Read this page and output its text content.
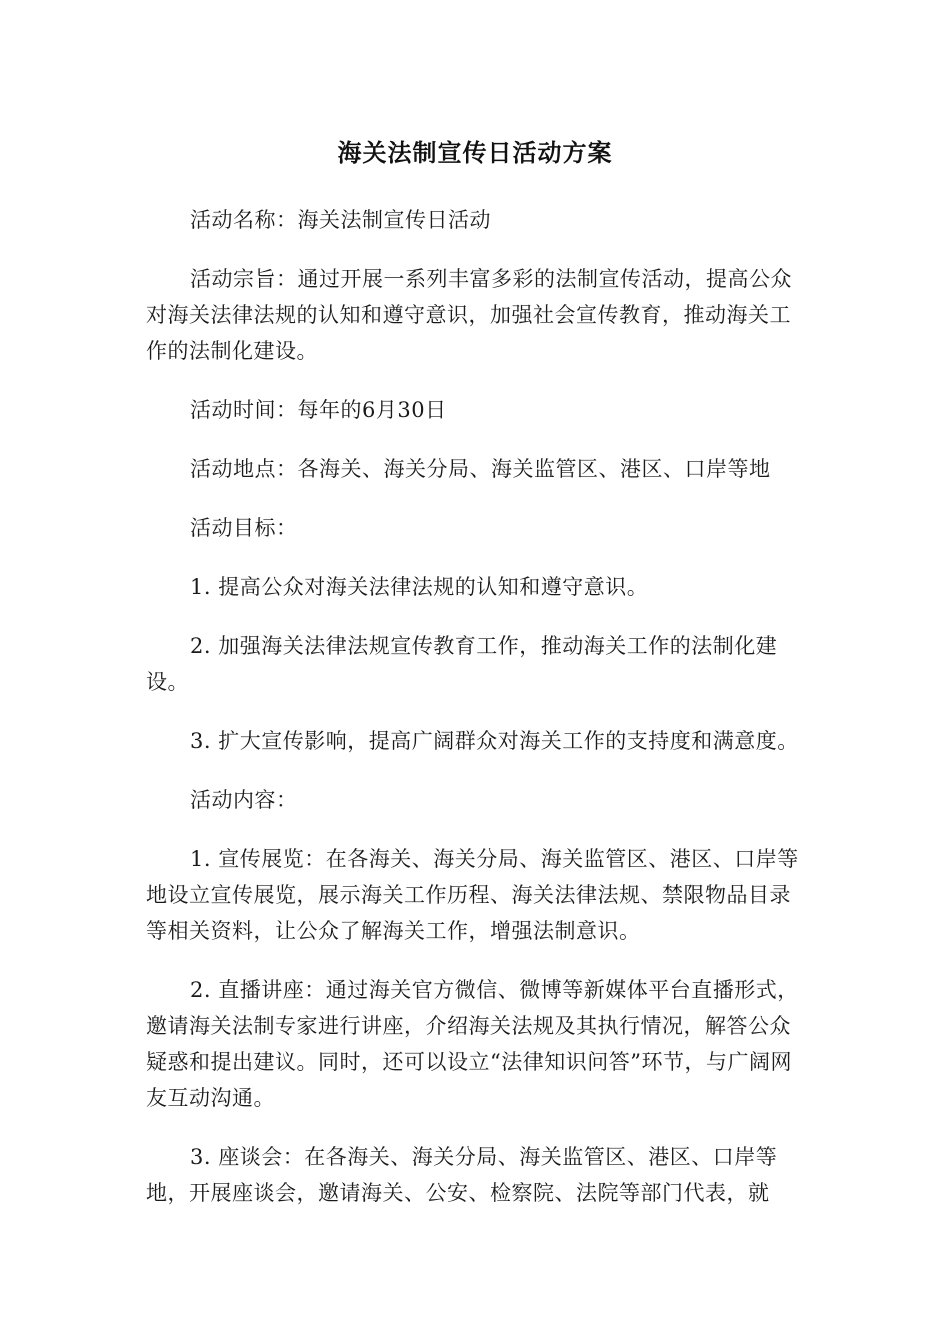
海关法制宣传日活动方案

活动名称：海关法制宣传日活动

活动宗旨：通过开展一系列丰富多彩的法制宣传活动，提高公众对海关法律法规的认知和遵守意识，加强社会宣传教育，推动海关工作的法制化建设。

活动时间：每年的6月30日

活动地点：各海关、海关分局、海关监管区、港区、口岸等地

活动目标：

1. 提高公众对海关法律法规的认知和遵守意识。

2. 加强海关法律法规宣传教育工作，推动海关工作的法制化建设。

3. 扩大宣传影响，提高广阔群众对海关工作的支持度和满意度。

活动内容：

1. 宣传展览：在各海关、海关分局、海关监管区、港区、口岸等地设立宣传展览，展示海关工作历程、海关法律法规、禁限物品目录等相关资料，让公众了解海关工作，增强法制意识。

2. 直播讲座：通过海关官方微信、微博等新媒体平台直播形式，邀请海关法制专家进行讲座，介绍海关法规及其执行情况，解答公众疑惑和提出建议。同时，还可以设立“法律知识问答”环节，与广阔网友互动沟通。

3. 座谈会：在各海关、海关分局、海关监管区、港区、口岸等地，开展座谈会，邀请海关、公安、检察院、法院等部门代表，就
